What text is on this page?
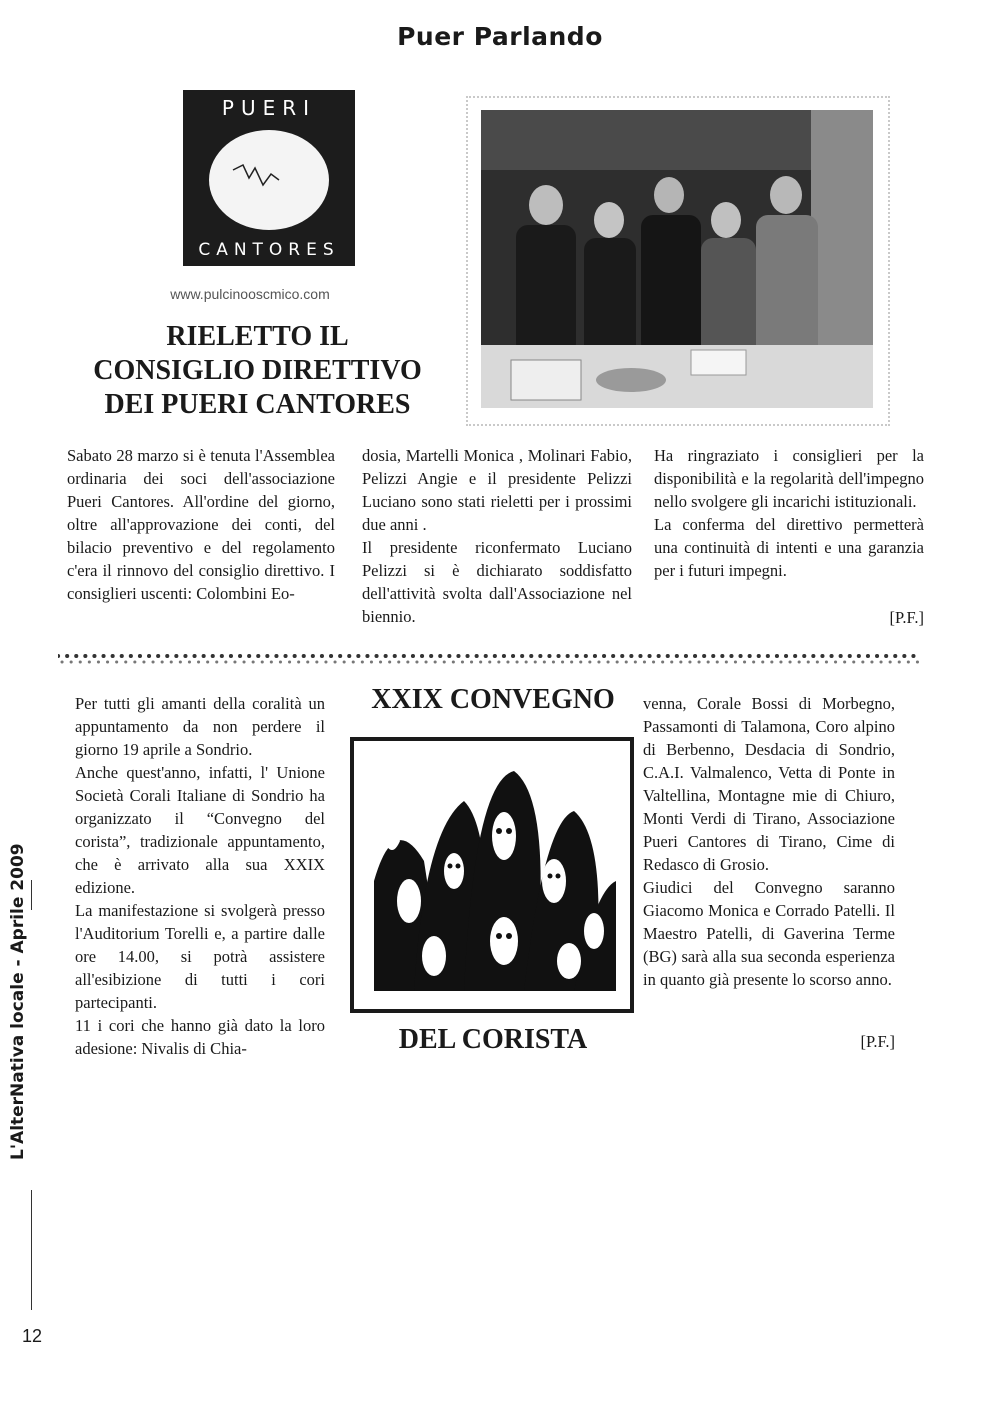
Puer Parlando
PUERI
CANTORES
www.pulcinooscmico.com
RIELETTO IL
CONSIGLIO DIRETTIVO
DEI PUERI CANTORES
Sabato 28 marzo si è tenuta l'Assemblea ordinaria dei soci dell'associazione Pueri Cantores. All'ordine del giorno, oltre all'approvazione dei conti, del bilacio preventivo e del regolamento c'era il rinnovo del consiglio direttivo. I consiglieri uscenti: Colombini Eo-
dosia, Martelli Monica , Molinari Fabio, Pelizzi Angie e il presidente Pelizzi Luciano sono stati rieletti per i prossimi due anni .
Il presidente riconfermato Luciano Pelizzi si è dichiarato soddisfatto dell'attività svolta dall'Associazione nel biennio.
Ha ringraziato i consiglieri per la disponibilità e la regolarità dell'impegno nello svolgere gli incarichi istituzionali.
La conferma del direttivo permetterà una continuità di intenti e una garanzia per i futuri impegni.
[P.F.]
Per tutti gli amanti della coralità un appuntamento da non perdere il giorno 19 aprile a Sondrio.
Anche quest'anno, infatti, l' Unione Società Corali Italiane di Sondrio ha organizzato il “Convegno del corista”, tradizionale appuntamento, che è arrivato alla sua XXIX edizione.
La manifestazione si svolgerà presso l'Auditorium Torelli e, a partire dalle ore 14.00, si potrà assistere all'esibizione di tutti i cori partecipanti.
11 i cori che hanno già dato la loro adesione: Nivalis di Chia-
XXIX CONVEGNO
DEL CORISTA
venna, Corale Bossi di Morbegno, Passamonti di Talamona, Coro alpino di Berbenno, Desdacia di Sondrio, C.A.I. Valmalenco, Vetta di Ponte in Valtellina, Montagne mie di Chiuro, Monti Verdi di Tirano, Associazione Pueri Cantores di Tirano, Cime di Redasco di Grosio.
Giudici del Convegno saranno Giacomo Monica e Corrado Patelli. Il Maestro Patelli, di Gaverina Terme (BG) sarà alla sua seconda esperienza in quanto già presente lo scorso anno.
[P.F.]
L'AlterNativa locale - Aprile 2009
12
